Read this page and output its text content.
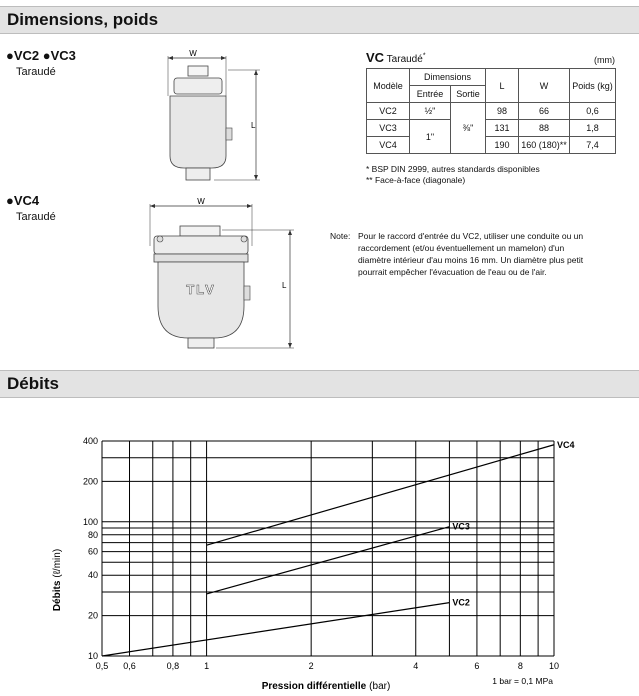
Dimensions, poids
●VC2 ●VC3
Taraudé
W
L
●VC4
Taraudé
W
TLV	L
VC Taraudé*	(mm)
Modèle	Dimensions		L	W	Poids (kg)
	Entrée	Sortie			
VC2	½"	⅜"	98	66	0,6
VC3	1"		131	88	1,8
VC4			190	160 (180)**	7,4
* BSP DIN 2999, autres standards disponibles
** Face-à-face (diagonale)
Note: Pour le raccord d'entrée du VC2, utiliser une conduite ou un
raccordement (et/ou éventuellement un mamelon) d'un
diamètre intérieur d'au moins 16 mm. Un diamètre plus petit
pourrait empêcher l'évacuation de l'eau ou de l'air.
Débits
0,5 0,6	0,8	1	2	4	6	8	10
10
20
40
60
80
100
200
400	VC4
VC3
VC2
Débits(ℓ/min)
Pression différentielle (bar)	1 bar = 0,1 MPa
